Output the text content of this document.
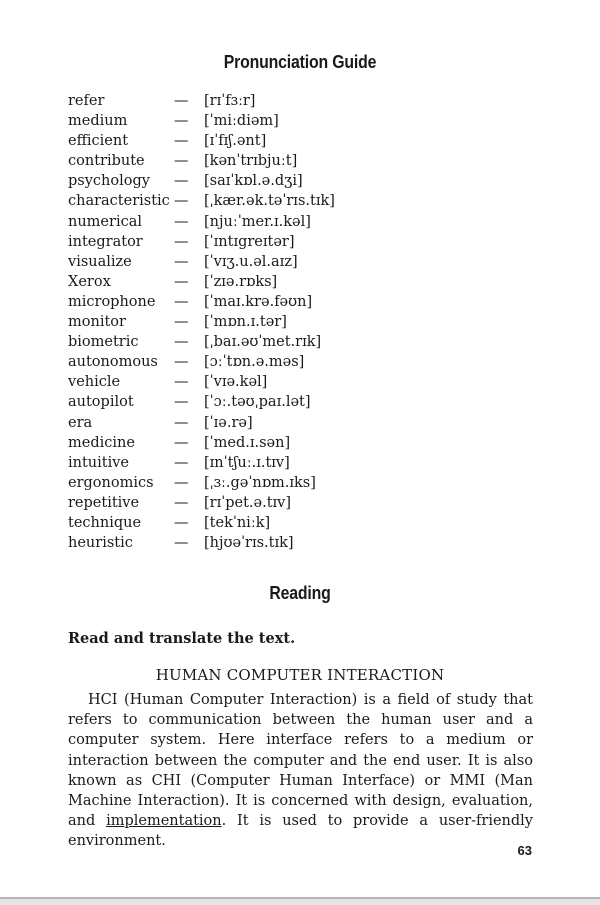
Pronunciation Guide
refer	— [rɪˈfɜːr]
medium	— [ˈmiːdiəm]
efficient	— [ɪˈfɪʃ.ənt]
contribute — [kənˈtrɪbjuːt]
psychology — [saɪˈkɒl.ə.dʒi]
characteristic — [ˌkær.ək.təˈrɪs.tɪk]
numerical — [njuːˈmer.ɪ.kəl]
integrator — [ˈɪntɪgreɪtər]
visualize	— [ˈvɪʒ.u.əl.aɪz]
Xerox	— [ˈzɪə.rɒks]
microphone — [ˈmaɪ.krə.fəʊn]
monitor	— [ˈmɒn.ɪ.tər]
biometric — [ˌbaɪ.əʊˈmet.rɪk]
autonomous — [ɔːˈtɒn.ə.məs]
vehicle	— [ˈvɪə.kəl]
autopilot	— [ˈɔː.təʊˌpaɪ.lət]
era	— [ˈɪə.rə]
medicine	— [ˈmed.ɪ.sən]
intuitive	— [ɪnˈtʃuː.ɪ.tɪv]
ergonomics — [ˌɜː.gəˈnɒm.ɪks]
repetitive — [rɪˈpet.ə.tɪv]
technique — [tekˈniːk]
heuristic	— [hjʊəˈrɪs.tɪk]
Reading
Read and translate the text.
HUMAN COMPUTER INTERACTION

HCI (Human Computer Interaction) is a field of study that refers to communication between the human user and a computer system. Here interface refers to a medium or interaction between the computer and the end user. It is also known as CHI (Computer Human Interface) or MMI (Man Machine Interaction). It is concerned with design, evaluation, and implementation. It is used to provide a user-friendly environment.

63
